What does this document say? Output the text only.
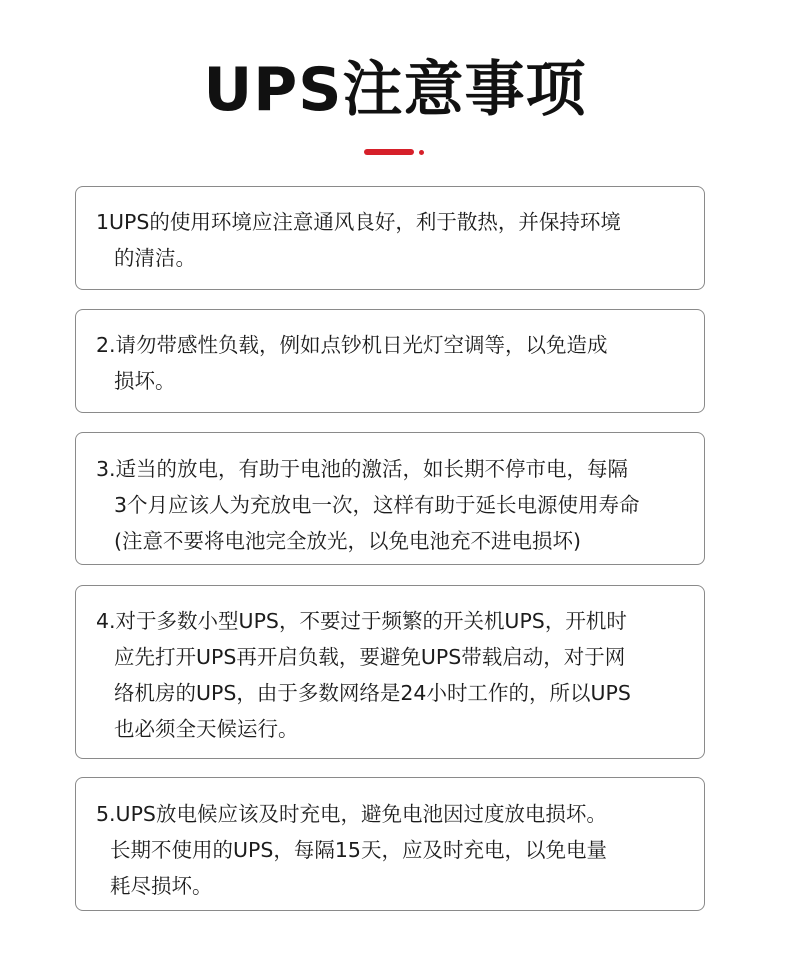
UPS注意事项
1UPS的使用环境应注意通风良好，利于散热，并保持环境
的清洁。
2.请勿带感性负载，例如点钞机日光灯空调等，以免造成
损坏。
3.适当的放电，有助于电池的激活，如长期不停市电，每隔
3个月应该人为充放电一次，这样有助于延长电源使用寿命
(注意不要将电池完全放光，以免电池充不进电损坏)
4.对于多数小型UPS，不要过于频繁的开关机UPS，开机时
应先打开UPS再开启负载，要避免UPS带载启动，对于网
络机房的UPS，由于多数网络是24小时工作的，所以UPS
也必须全天候运行。
5.UPS放电候应该及时充电，避免电池因过度放电损坏。
长期不使用的UPS，每隔15天，应及时充电，以免电量
耗尽损坏。
